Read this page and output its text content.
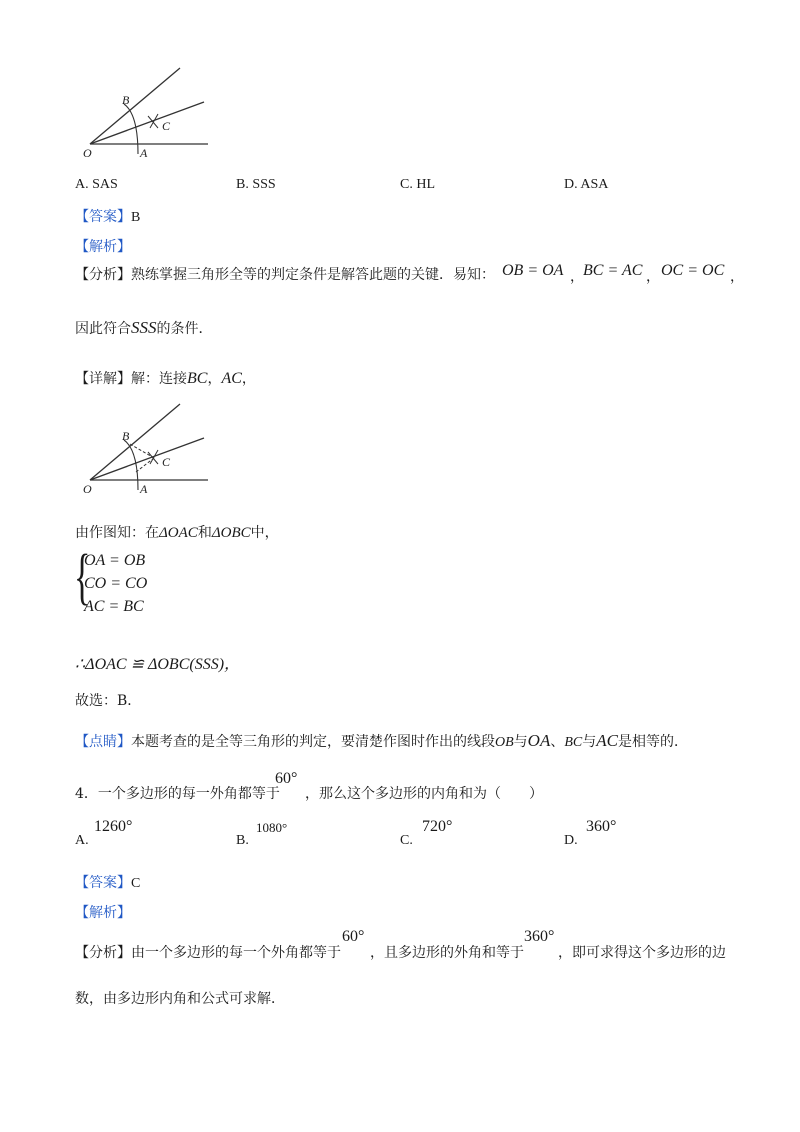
O	A
B
C
A. SAS	B. SSS	C. HL	D. ASA
【答案】B
【解析】
【分析】熟练掌握三角形全等的判定条件是解答此题的关键．易知： OB = OA ， BC = AC ， OC = OC ，
因此符合SSS的条件．
【详解】解：连接BC，AC，
O	A
B
C
由作图知：在ΔOAC和ΔOBC中，
{
OA = OB
CO = CO
AC = BC
∴ΔOAC ≌ ΔOBC(SSS)，
故选：B．
【点睛】本题考查的是全等三角形的判定，要清楚作图时作出的线段OB与OA、BC与AC是相等的．
4．一个多边形的每一外角都等于
60°
，那么这个多边形的内角和为（　　）
A.
1260°
B.
1080°
C.
720°
D.
360°
【答案】C
【解析】
【分析】由一个多边形的每一个外角都等于
60°
，且多边形的外角和等于
360°
，即可求得这个多边形的边
数，由多边形内角和公式可求解．
